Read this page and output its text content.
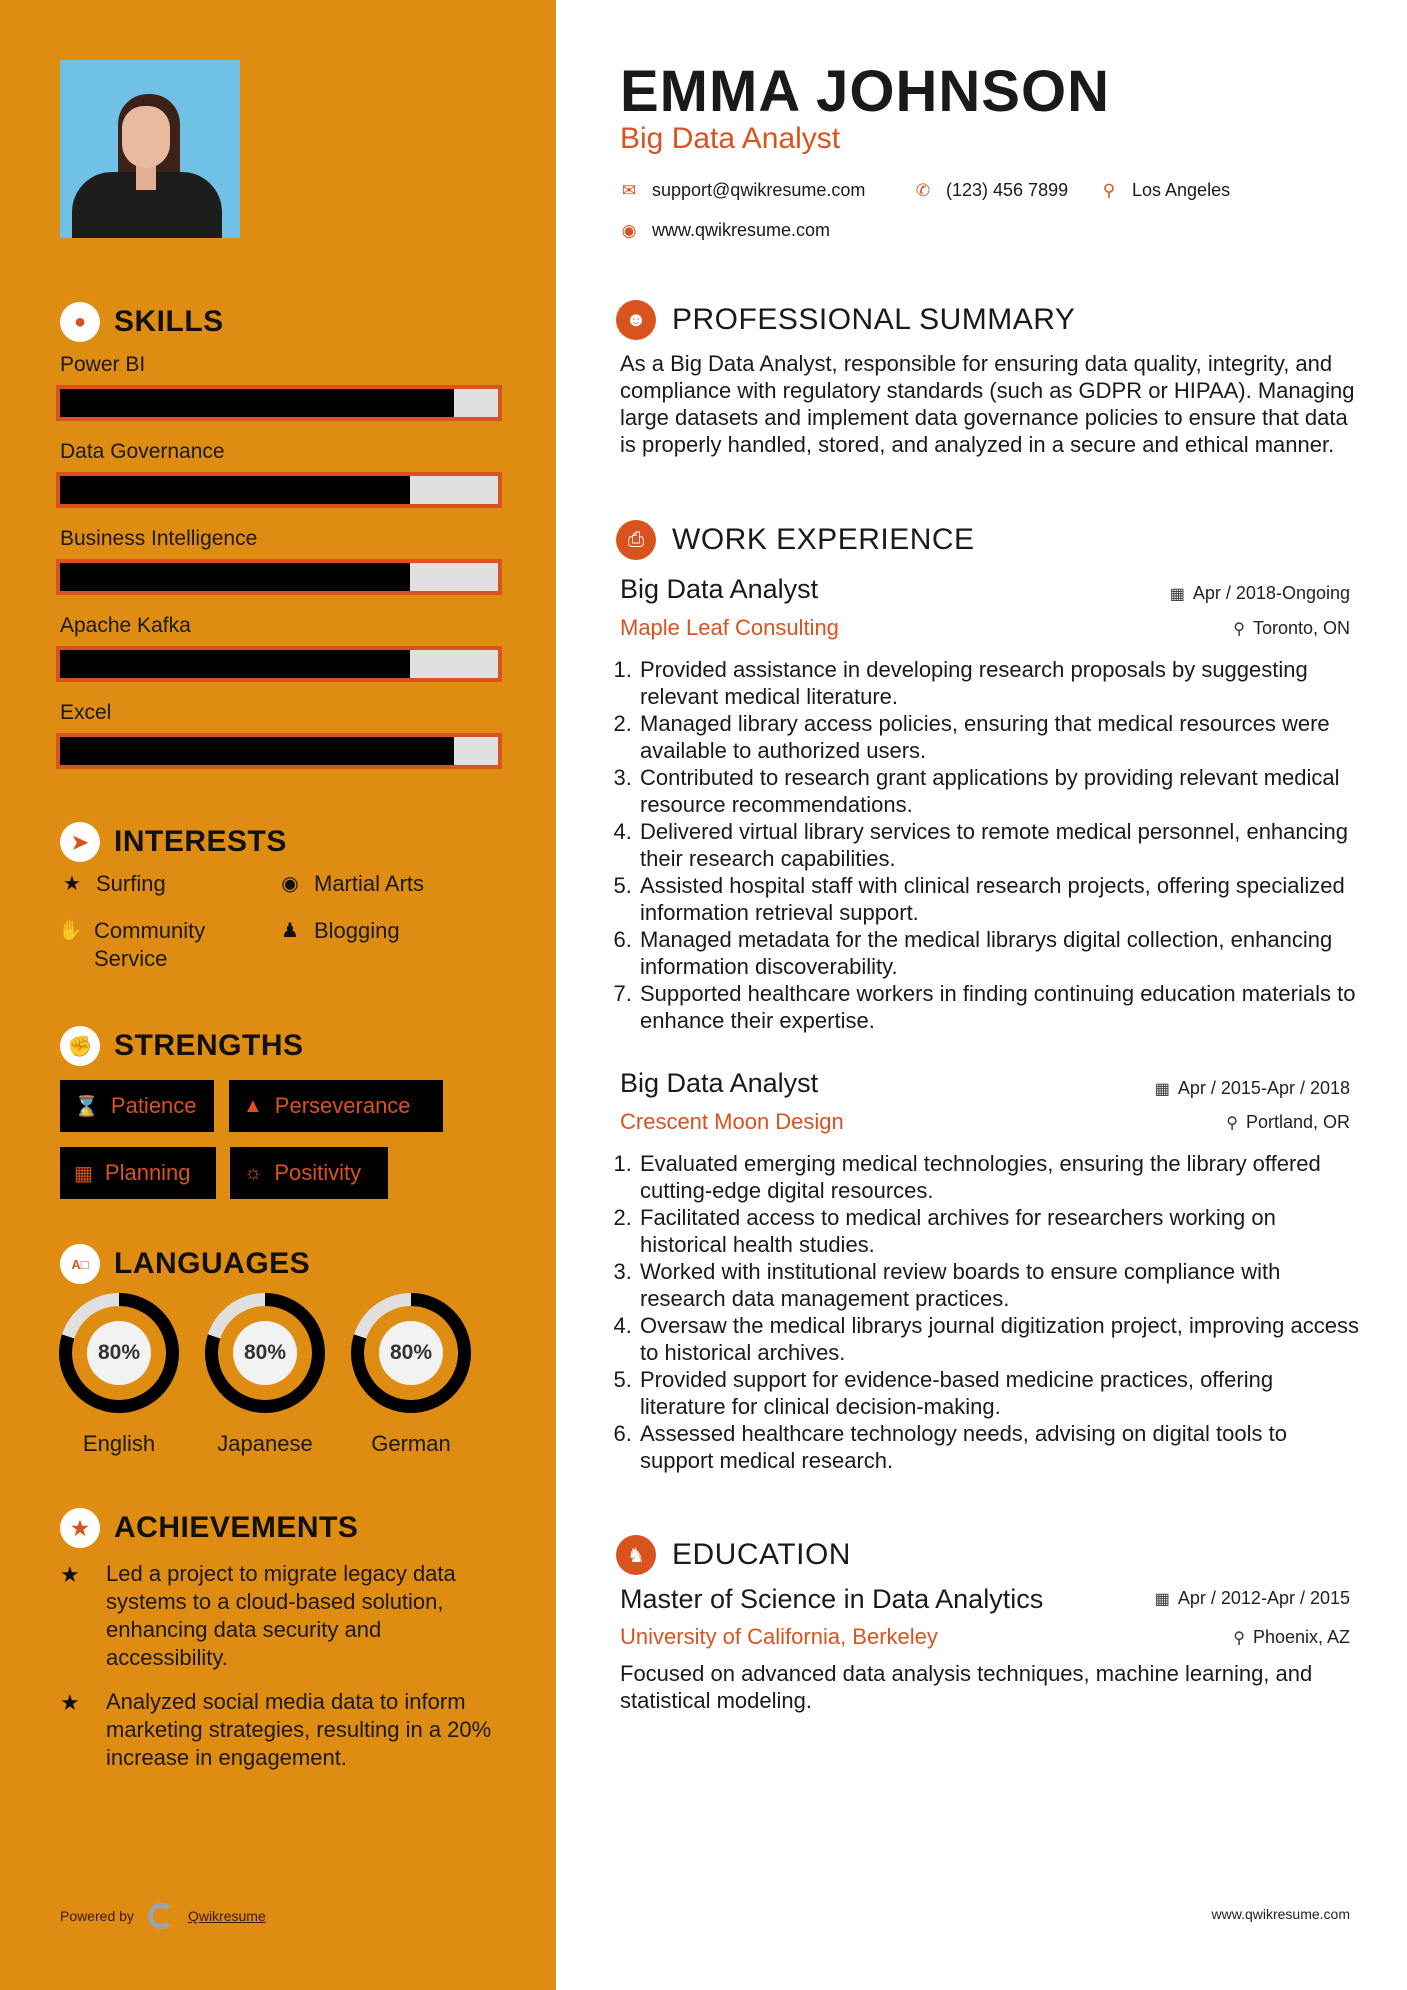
● SKILLS
Power BI
Data Governance
Business Intelligence
Apache Kafka
Excel
➤ INTERESTS
★ Surfing	◉ Martial Arts
✋ Community Service
♟ Blogging
✊ STRENGTHS
⌛ Patience ▲ Perseverance
▦ Planning	☼ Positivity
A□ LANGUAGES
80%
English
80%
Japanese
80%
German
★ ACHIEVEMENTS
★	Led a project to migrate legacy data systems to a cloud-based solution, enhancing data security and accessibility.
★	Analyzed social media data to inform marketing strategies, resulting in a 20% increase in engagement.
Powered by	Qwikresume
EMMA JOHNSON
Big Data Analyst
✉ support@qwikresume.com	✆ (123) 456 7899 ⚲ Los Angeles
◉ www.qwikresume.com
☻ PROFESSIONAL SUMMARY
As a Big Data Analyst, responsible for ensuring data quality, integrity, and compliance with regulatory standards (such as GDPR or HIPAA). Managing large datasets and implement data governance policies to ensure that data is properly handled, stored, and analyzed in a secure and ethical manner.
⎙ WORK EXPERIENCE
Big Data Analyst	▦ Apr / 2018-Ongoing
Maple Leaf Consulting	⚲ Toronto, ON
1. Provided assistance in developing research proposals by suggesting relevant medical literature.
2. Managed library access policies, ensuring that medical resources were available to authorized users.
3. Contributed to research grant applications by providing relevant medical resource recommendations.
4. Delivered virtual library services to remote medical personnel, enhancing their research capabilities.
5. Assisted hospital staff with clinical research projects, offering specialized information retrieval support.
6. Managed metadata for the medical librarys digital collection, enhancing information discoverability.
7. Supported healthcare workers in finding continuing education materials to enhance their expertise.
Big Data Analyst	▦ Apr / 2015-Apr / 2018
Crescent Moon Design	⚲ Portland, OR
1. Evaluated emerging medical technologies, ensuring the library offered cutting-edge digital resources.
2. Facilitated access to medical archives for researchers working on historical health studies.
3. Worked with institutional review boards to ensure compliance with research data management practices.
4. Oversaw the medical librarys journal digitization project, improving access to historical archives.
5. Provided support for evidence-based medicine practices, offering literature for clinical decision-making.
6. Assessed healthcare technology needs, advising on digital tools to support medical research.
♞ EDUCATION
Master of Science in Data Analytics	▦ Apr / 2012-Apr / 2015
University of California, Berkeley	⚲ Phoenix, AZ
Focused on advanced data analysis techniques, machine learning, and statistical modeling.
www.qwikresume.com
